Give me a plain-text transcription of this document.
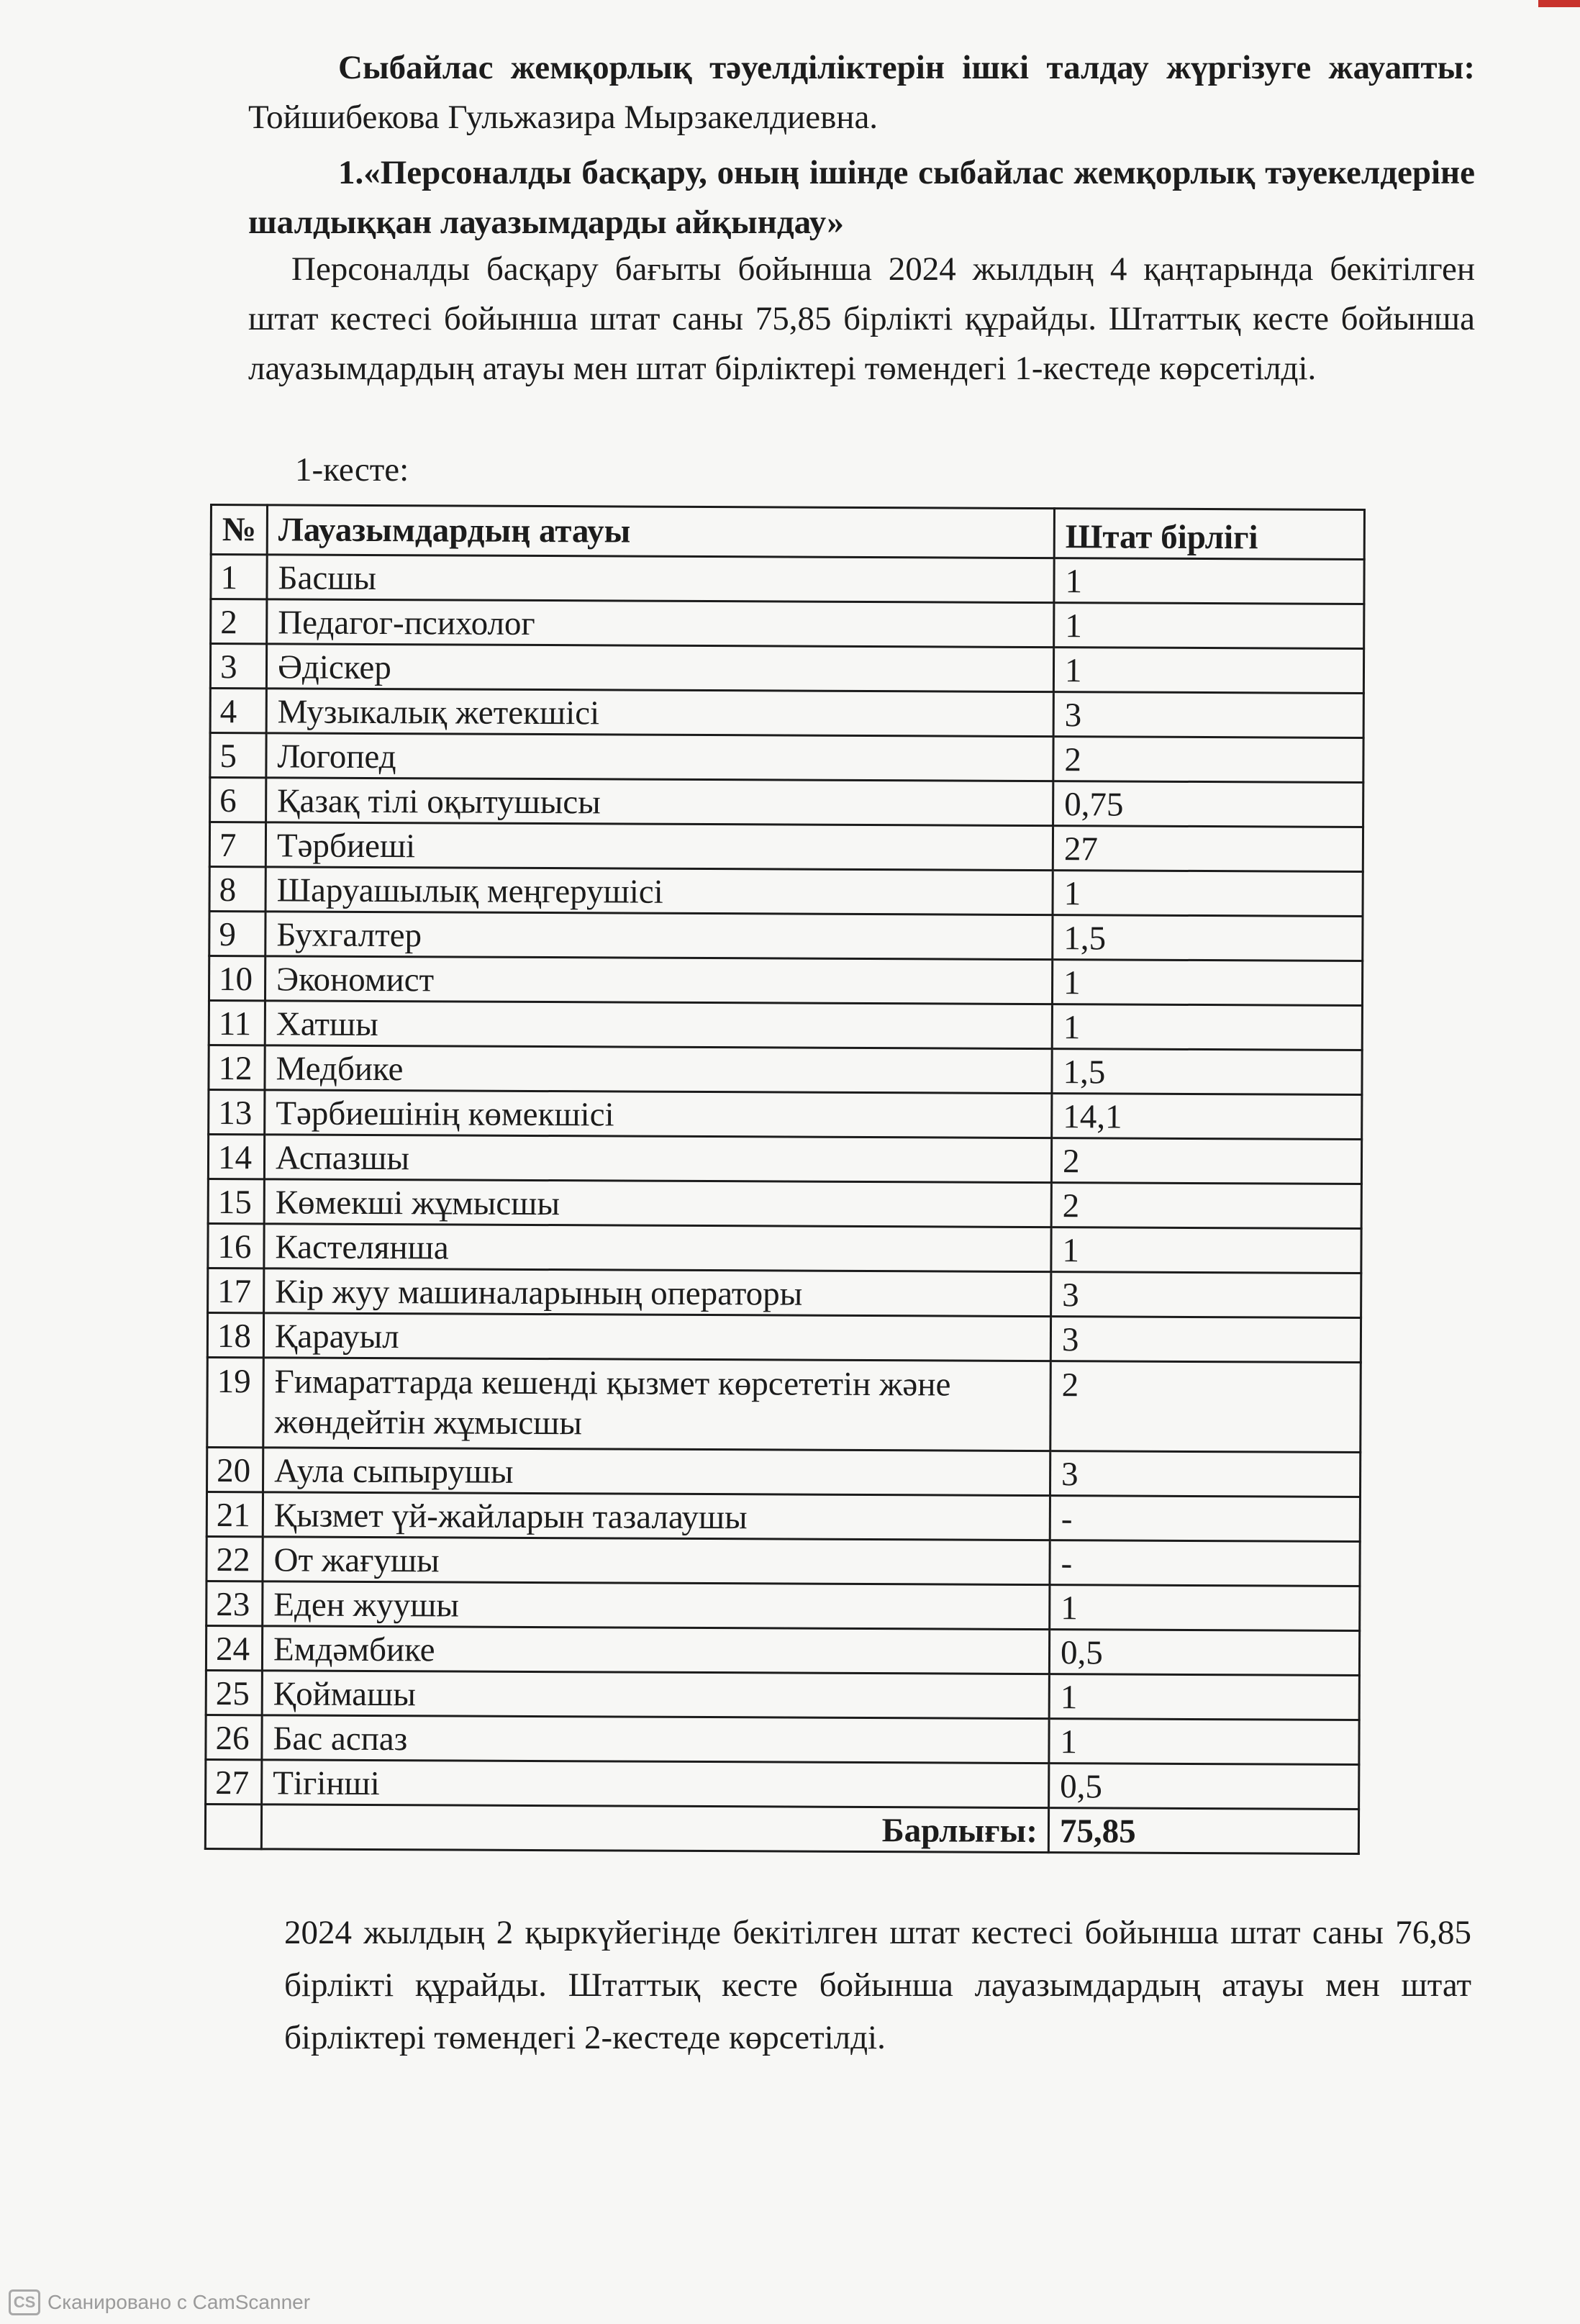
Сыбайлас жемқорлық тәуелділіктерін ішкі талдау жүргізуге жауапты: Тойшибекова Гульжазира Мырзакелдиевна.

1.«Персоналды басқару, оның ішінде сыбайлас жемқорлық тәуекелдеріне шалдыққан лауазымдарды айқындау»

Персоналды басқару бағыты бойынша 2024 жылдың 4 қаңтарында бекітілген штат кестесі бойынша штат саны 75,85 бірлікті құрайды. Штаттық кесте бойынша лауазымдардың атауы мен штат бірліктері төмендегі 1-кестеде көрсетілді.

1-кесте:
№	Лауазымдардың атауы	Штат бірлігі
1	Басшы	1
2	Педагог-психолог	1
3	Әдіскер	1
4	Музыкалық жетекшісі	3
5	Логопед	2
6	Қазақ тілі оқытушысы	0,75
7	Тәрбиеші	27
8	Шаруашылық меңгерушісі	1
9	Бухгалтер	1,5
10	Экономист	1
11	Хатшы	1
12	Медбике	1,5
13	Тәрбиешінің көмекшісі	14,1
14	Аспазшы	2
15	Көмекші жұмысшы	2
16	Кастелянша	1
17	Кір жуу машиналарының операторы	3
18	Қарауыл	3
19	Ғимараттарда кешенді қызмет көрсететін және жөндейтін жұмысшы	2
20	Аула сыпырушы	3
21	Қызмет үй-жайларын тазалаушы	-
22	От жағушы	-
23	Еден жуушы	1
24	Емдәмбике	0,5
25	Қоймашы	1
26	Бас аспаз	1
27	Тігінші	0,5
	Барлығы:	75,85

2024 жылдың 2 қыркүйегінде бекітілген штат кестесі бойынша штат саны 76,85 бірлікті құрайды. Штаттық кесте бойынша лауазымдардың атауы мен штат бірліктері төмендегі 2-кестеде көрсетілді.

CS Сканировано с CamScanner
